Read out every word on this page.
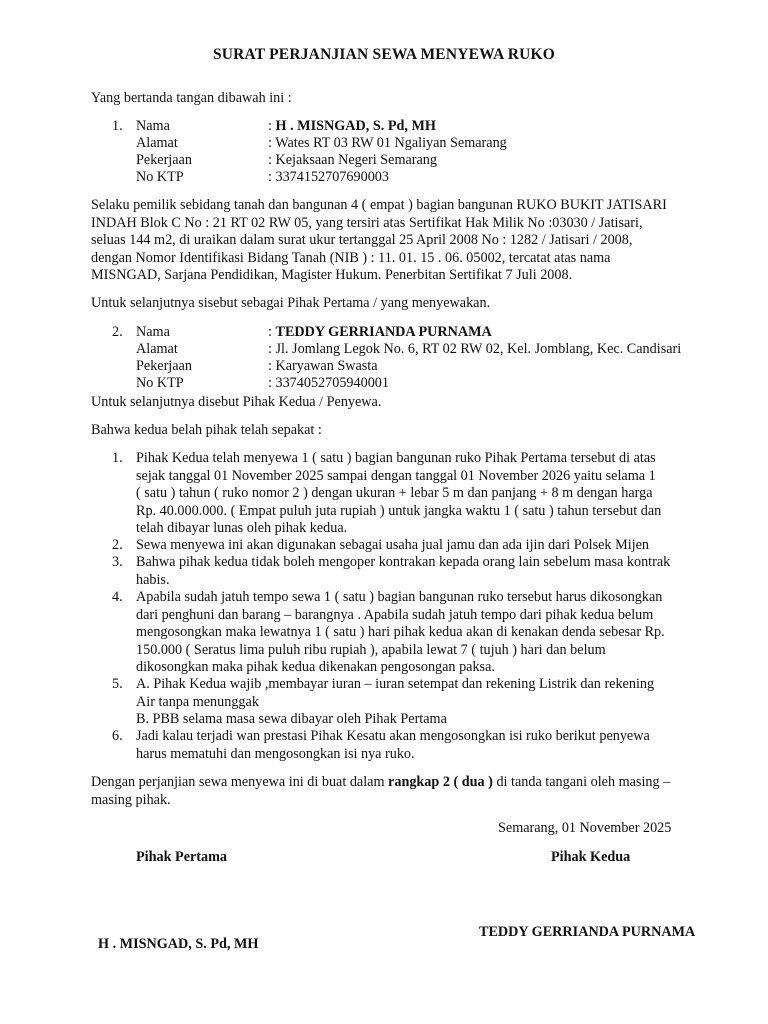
SURAT PERJANJIAN SEWA MENYEWA RUKO
Yang bertanda tangan dibawah ini :
1. Nama	: H . MISNGAD, S. Pd, MH
Alamat	: Wates RT 03 RW 01 Ngaliyan Semarang
Pekerjaan	: Kejaksaan Negeri Semarang
No KTP	: 3374152707690003
Selaku pemilik sebidang tanah dan bangunan 4 ( empat ) bagian bangunan RUKO BUKIT JATISARI
INDAH Blok C No : 21 RT 02 RW 05, yang tersiri atas Sertifikat Hak Milik No :03030 / Jatisari,
seluas 144 m2, di uraikan dalam surat ukur tertanggal 25 April 2008 No : 1282 / Jatisari / 2008,
dengan Nomor Identifikasi Bidang Tanah (NIB ) : 11. 01. 15 . 06. 05002, tercatat atas nama
MISNGAD, Sarjana Pendidikan, Magister Hukum. Penerbitan Sertifikat 7 Juli 2008.
Untuk selanjutnya sisebut sebagai Pihak Pertama / yang menyewakan.
2. Nama	: TEDDY GERRIANDA PURNAMA
Alamat	: Jl. Jomlang Legok No. 6, RT 02 RW 02, Kel. Jomblang, Kec. Candisari
Pekerjaan	: Karyawan Swasta
No KTP	: 3374052705940001
Untuk selanjutnya disebut Pihak Kedua / Penyewa.
Bahwa kedua belah pihak telah sepakat :
1. Pihak Kedua telah menyewa 1 ( satu ) bagian bangunan ruko Pihak Pertama tersebut di atas
sejak tanggal 01 November 2025 sampai dengan tanggal 01 November 2026 yaitu selama 1
( satu ) tahun ( ruko nomor 2 ) dengan ukuran + lebar 5 m dan panjang + 8 m dengan harga
Rp. 40.000.000. ( Empat puluh juta rupiah ) untuk jangka waktu 1 ( satu ) tahun tersebut dan
telah dibayar lunas oleh pihak kedua.
2. Sewa menyewa ini akan digunakan sebagai usaha jual jamu dan ada ijin dari Polsek Mijen
3. Bahwa pihak kedua tidak boleh mengoper kontrakan kepada orang lain sebelum masa kontrak
habis.
4. Apabila sudah jatuh tempo sewa 1 ( satu ) bagian bangunan ruko tersebut harus dikosongkan
dari penghuni dan barang – barangnya . Apabila sudah jatuh tempo dari pihak kedua belum
mengosongkan maka lewatnya 1 ( satu ) hari pihak kedua akan di kenakan denda sebesar Rp.
150.000 ( Seratus lima puluh ribu rupiah ), apabila lewat 7 ( tujuh ) hari dan belum
dikosongkan maka pihak kedua dikenakan pengosongan paksa.
5. A. Pihak Kedua wajib ,membayar iuran – iuran setempat dan rekening Listrik dan rekening
Air tanpa menunggak
B. PBB selama masa sewa dibayar oleh Pihak Pertama
6. Jadi kalau terjadi wan prestasi Pihak Kesatu akan mengosongkan isi ruko berikut penyewa
harus mematuhi dan mengosongkan isi nya ruko.
Dengan perjanjian sewa menyewa ini di buat dalam rangkap 2 ( dua ) di tanda tangani oleh masing –
masing pihak.
Semarang, 01 November 2025
Pihak Pertama	Pihak Kedua
TEDDY GERRIANDA PURNAMA
H . MISNGAD, S. Pd, MH
